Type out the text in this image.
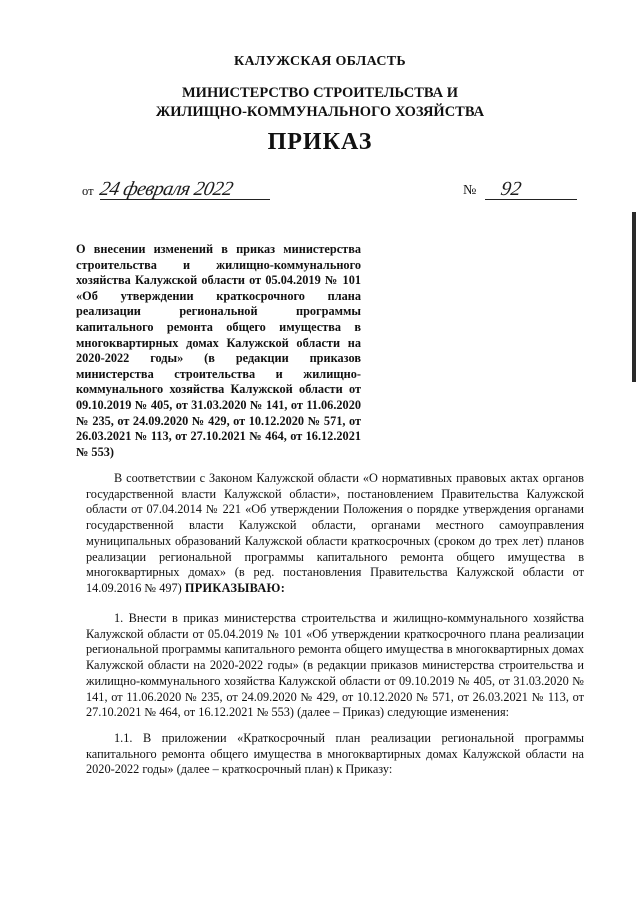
КАЛУЖСКАЯ ОБЛАСТЬ
МИНИСТЕРСТВО СТРОИТЕЛЬСТВА И
ЖИЛИЩНО-КОММУНАЛЬНОГО ХОЗЯЙСТВА
ПРИКАЗ
от 24 февраля 2022	№ 92
О внесении изменений в приказ министерства строительства и жилищно-коммунального хозяйства Калужской области от 05.04.2019 № 101 «Об утверждении краткосрочного плана реализации региональной программы капитального ремонта общего имущества в многоквартирных домах Калужской области на 2020-2022 годы» (в редакции приказов министерства строительства и жилищно-коммунального хозяйства Калужской области от 09.10.2019 № 405, от 31.03.2020 № 141, от 11.06.2020 № 235, от 24.09.2020 № 429, от 10.12.2020 № 571, от 26.03.2021 № 113, от 27.10.2021 № 464, от 16.12.2021 № 553)
В соответствии с Законом Калужской области «О нормативных правовых актах органов государственной власти Калужской области», постановлением Правительства Калужской области от 07.04.2014 № 221 «Об утверждении Положения о порядке утверждения органами государственной власти Калужской области, органами местного самоуправления муниципальных образований Калужской области краткосрочных (сроком до трех лет) планов реализации региональной программы капитального ремонта общего имущества в многоквартирных домах» (в ред. постановления Правительства Калужской области от 14.09.2016 № 497) ПРИКАЗЫВАЮ:
1. Внести в приказ министерства строительства и жилищно-коммунального хозяйства Калужской области от 05.04.2019 № 101 «Об утверждении краткосрочного плана реализации региональной программы капитального ремонта общего имущества в многоквартирных домах Калужской области на 2020-2022 годы» (в редакции приказов министерства строительства и жилищно-коммунального хозяйства Калужской области от 09.10.2019 № 405, от 31.03.2020 № 141, от 11.06.2020 № 235, от 24.09.2020 № 429, от 10.12.2020 № 571, от 26.03.2021 № 113, от 27.10.2021 № 464, от 16.12.2021 № 553) (далее – Приказ) следующие изменения:
1.1. В приложении «Краткосрочный план реализации региональной программы капитального ремонта общего имущества в многоквартирных домах Калужской области на 2020-2022 годы» (далее – краткосрочный план) к Приказу:
